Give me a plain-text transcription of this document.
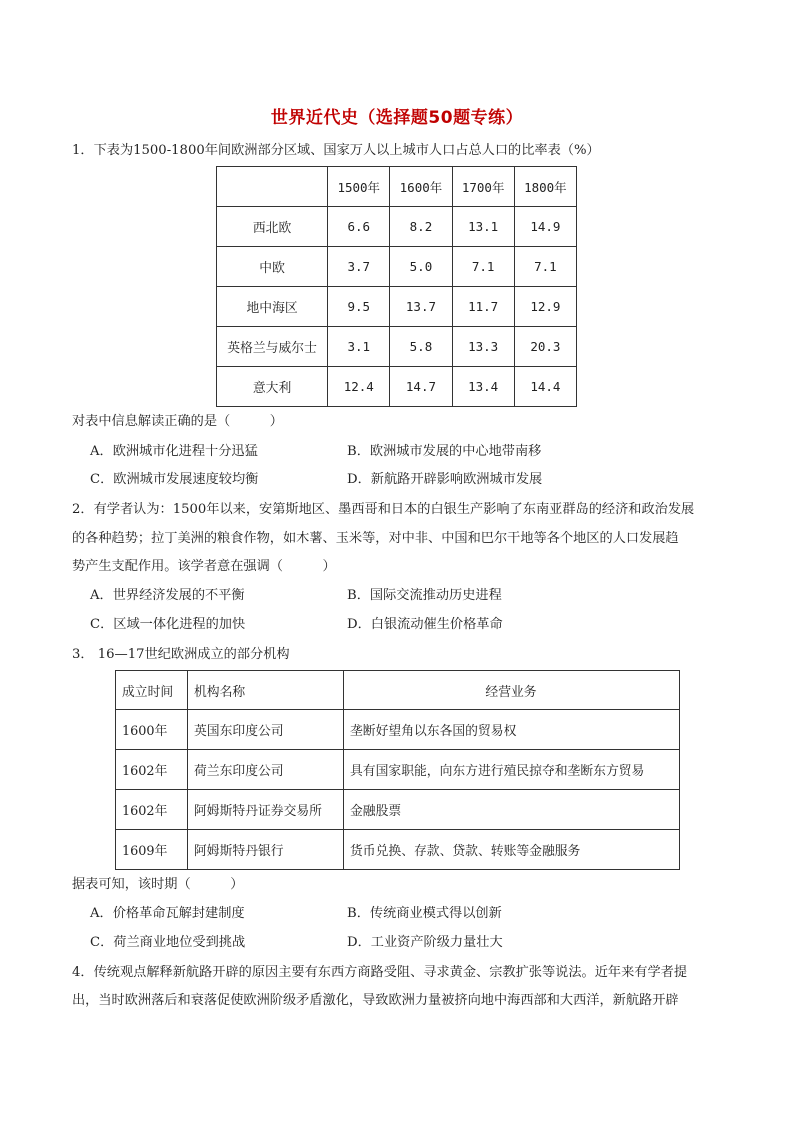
世界近代史（选择题50题专练）
1．下表为1500-1800年间欧洲部分区域、国家万人以上城市人口占总人口的比率表（%）
	1500年	1600年	1700年	1800年
西北欧	6.6	8.2	13.1	14.9
中欧	3.7	5.0	7.1	7.1
地中海区	9.5	13.7	11.7	12.9
英格兰与威尔士	3.1	5.8	13.3	20.3
意大利	12.4	14.7	13.4	14.4
对表中信息解读正确的是（　　　）
A．欧洲城市化进程十分迅猛	B．欧洲城市发展的中心地带南移
C．欧洲城市发展速度较均衡	D．新航路开辟影响欧洲城市发展
2．有学者认为：1500年以来，安第斯地区、墨西哥和日本的白银生产影响了东南亚群岛的经济和政治发展
的各种趋势；拉丁美洲的粮食作物，如木薯、玉米等，对中非、中国和巴尔干地等各个地区的人口发展趋
势产生支配作用。该学者意在强调（　　　）
A．世界经济发展的不平衡	B．国际交流推动历史进程
C．区域一体化进程的加快	D．白银流动催生价格革命
3． 16—17世纪欧洲成立的部分机构
成立时间	机构名称	经营业务
1600年	英国东印度公司	垄断好望角以东各国的贸易权
1602年	荷兰东印度公司	具有国家职能，向东方进行殖民掠夺和垄断东方贸易
1602年	阿姆斯特丹证券交易所	金融股票
1609年	阿姆斯特丹银行	货币兑换、存款、贷款、转账等金融服务
据表可知，该时期（　　　）
A．价格革命瓦解封建制度	B．传统商业模式得以创新
C．荷兰商业地位受到挑战	D．工业资产阶级力量壮大
4．传统观点解释新航路开辟的原因主要有东西方商路受阻、寻求黄金、宗教扩张等说法。近年来有学者提
出，当时欧洲落后和衰落促使欧洲阶级矛盾激化，导致欧洲力量被挤向地中海西部和大西洋，新航路开辟
